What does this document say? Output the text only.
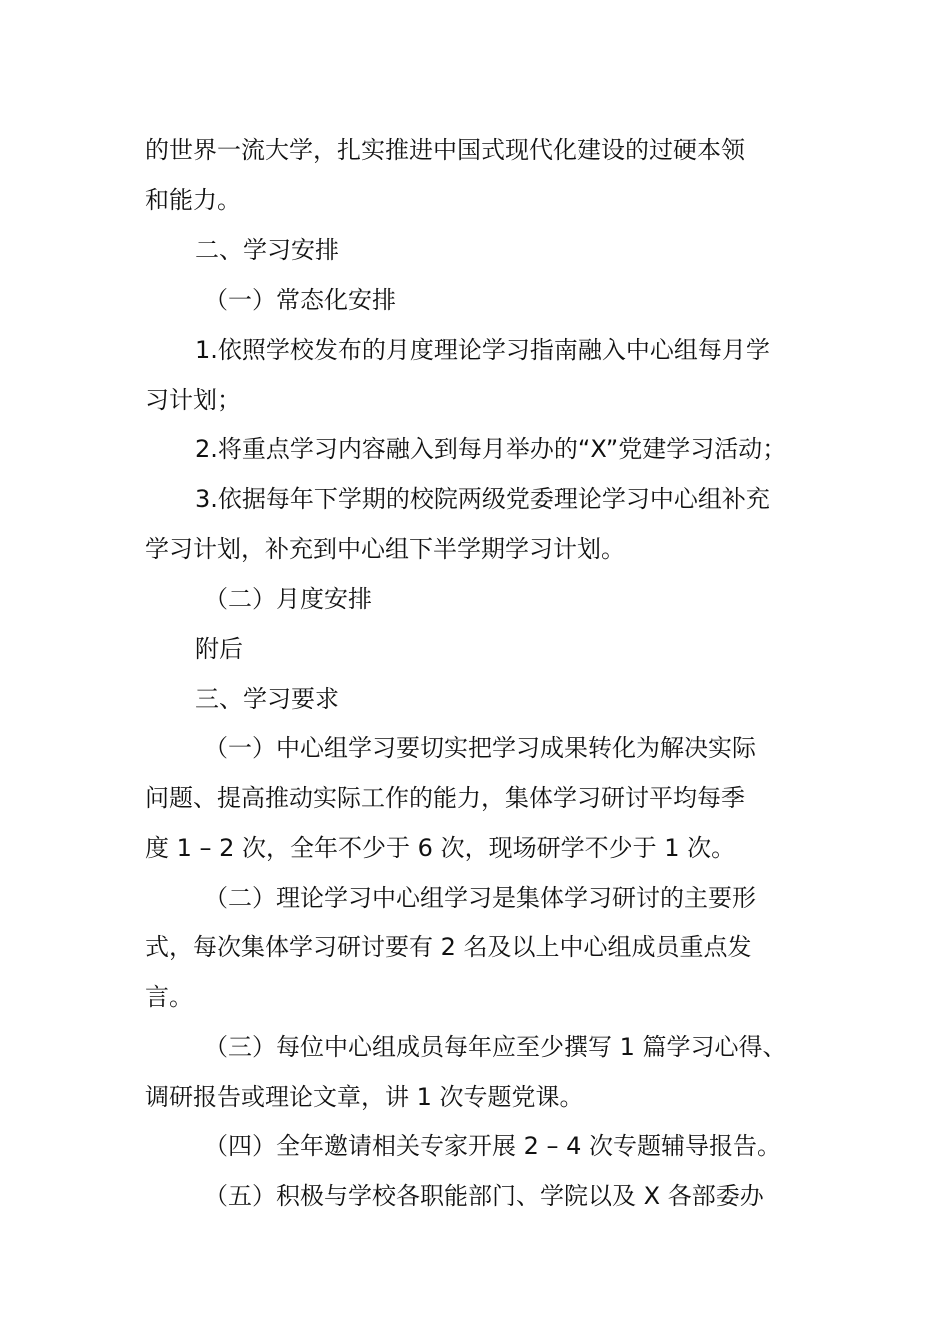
的世界一流大学，扎实推进中国式现代化建设的过硬本领
和能力。
二、学习安排
（一）常态化安排
1.依照学校发布的月度理论学习指南融入中心组每月学
习计划；
2.将重点学习内容融入到每月举办的“X”党建学习活动；
3.依据每年下学期的校院两级党委理论学习中心组补充
学习计划，补充到中心组下半学期学习计划。
（二）月度安排
附后
三、学习要求
（一）中心组学习要切实把学习成果转化为解决实际
问题、提高推动实际工作的能力，集体学习研讨平均每季
度 1 – 2 次，全年不少于 6 次，现场研学不少于 1 次。
（二）理论学习中心组学习是集体学习研讨的主要形
式，每次集体学习研讨要有 2 名及以上中心组成员重点发
言。
（三）每位中心组成员每年应至少撰写 1 篇学习心得、
调研报告或理论文章，讲 1 次专题党课。
（四）全年邀请相关专家开展 2 – 4 次专题辅导报告。
（五）积极与学校各职能部门、学院以及 X 各部委办
